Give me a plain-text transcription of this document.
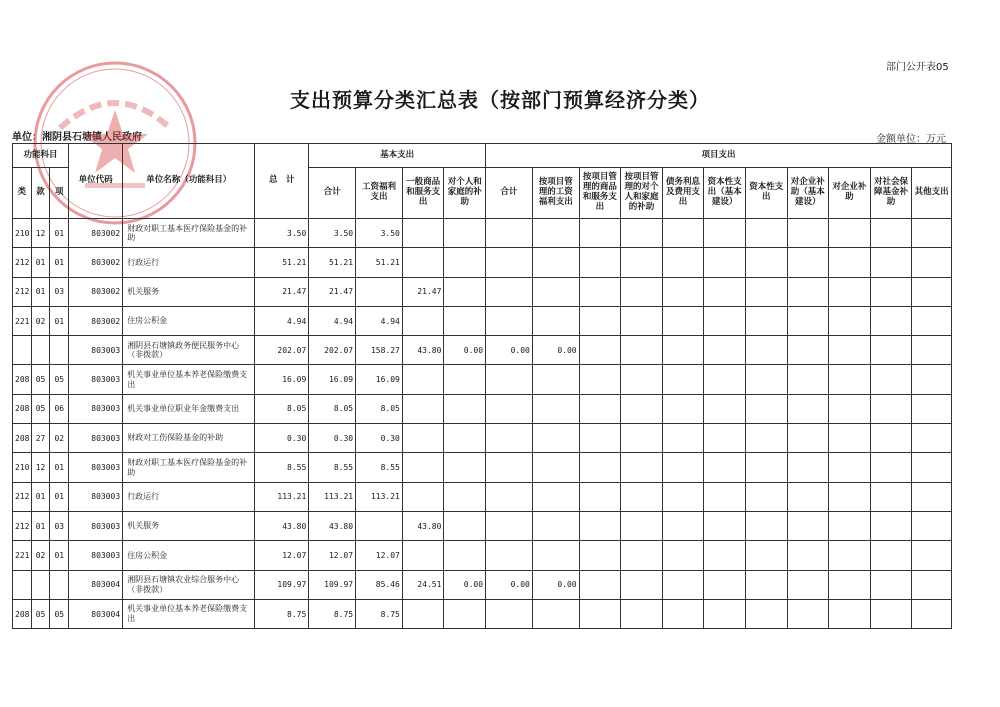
部门公开表05
支出预算分类汇总表（按部门预算经济分类）
单位：湘阴县石塘镇人民政府	金额单位：万元
功能科目			单位代码	单位名称（功能科目）	总　计	基本支出				项目支出										
类	款	项				合计	工资福利支出	一般商品和服务支出	对个人和家庭的补助	合计	按项目管理的工资福利支出	按项目管理的商品和服务支出	按项目管理的对个人和家庭的补助	债务利息及费用支出	资本性支出（基本建设）	资本性支出	对企业补助（基本建设）	对企业补助	对社会保障基金补助	其他支出
210	12	01	803002	财政对职工基本医疗保险基金的补助	3.50	3.50	3.50													
212	01	01	803002	行政运行	51.21	51.21	51.21													
212	01	03	803002	机关服务	21.47	21.47		21.47												
221	02	01	803002	住房公积金	4.94	4.94	4.94													
			803003	湘阴县石塘镇政务便民服务中心（非拨款）	202.07	202.07	158.27	43.80	0.00	0.00	0.00									
208	05	05	803003	机关事业单位基本养老保险缴费支出	16.09	16.09	16.09													
208	05	06	803003	机关事业单位职业年金缴费支出	8.05	8.05	8.05													
208	27	02	803003	财政对工伤保险基金的补助	0.30	0.30	0.30													
210	12	01	803003	财政对职工基本医疗保险基金的补助	8.55	8.55	8.55													
212	01	01	803003	行政运行	113.21	113.21	113.21													
212	01	03	803003	机关服务	43.80	43.80		43.80												
221	02	01	803003	住房公积金	12.07	12.07	12.07													
			803004	湘阴县石塘镇农业综合服务中心（非拨款）	109.97	109.97	85.46	24.51	0.00	0.00	0.00									
208	05	05	803004	机关事业单位基本养老保险缴费支出	8.75	8.75	8.75													
